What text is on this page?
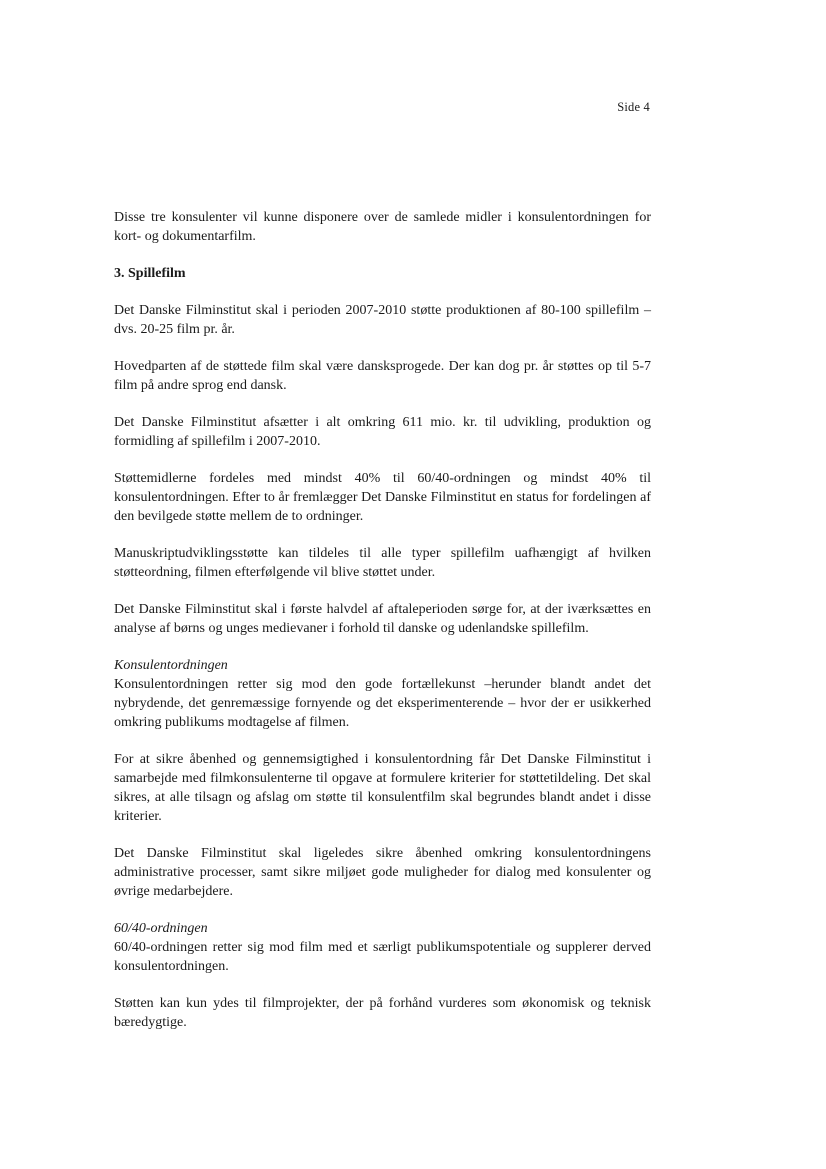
Side 4

Disse tre konsulenter vil kunne disponere over de samlede midler i konsulentordningen for kort- og dokumentarfilm.

3. Spillefilm

Det Danske Filminstitut skal i perioden 2007-2010 støtte produktionen af 80-100 spillefilm – dvs. 20-25 film pr. år.

Hovedparten af de støttede film skal være dansksprogede. Der kan dog pr. år støttes op til 5-7 film på andre sprog end dansk.

Det Danske Filminstitut afsætter i alt omkring 611 mio. kr. til udvikling, produktion og formidling af spillefilm i 2007-2010.

Støttemidlerne fordeles med mindst 40% til 60/40-ordningen og mindst 40% til konsulentordningen. Efter to år fremlægger Det Danske Filminstitut en status for fordelingen af den bevilgede støtte mellem de to ordninger.

Manuskriptudviklingsstøtte kan tildeles til alle typer spillefilm uafhængigt af hvilken støtteordning, filmen efterfølgende vil blive støttet under.

Det Danske Filminstitut skal i første halvdel af aftaleperioden sørge for, at der iværksættes en analyse af børns og unges medievaner i forhold til danske og udenlandske spillefilm.

Konsulentordningen

Konsulentordningen retter sig mod den gode fortællekunst –herunder blandt andet det nybrydende, det genremæssige fornyende og det eksperimenterende – hvor der er usikkerhed omkring publikums modtagelse af filmen.

For at sikre åbenhed og gennemsigtighed i konsulentordning får Det Danske Filminstitut i samarbejde med filmkonsulenterne til opgave at formulere kriterier for støttetildeling. Det skal sikres, at alle tilsagn og afslag om støtte til konsulentfilm skal begrundes blandt andet i disse kriterier.

Det Danske Filminstitut skal ligeledes sikre åbenhed omkring konsulentordningens administrative processer, samt sikre miljøet gode muligheder for dialog med konsulenter og øvrige medarbejdere.

60/40-ordningen

60/40-ordningen retter sig mod film med et særligt publikumspotentiale og supplerer derved konsulentordningen.

Støtten kan kun ydes til filmprojekter, der på forhånd vurderes som økonomisk og teknisk bæredygtige.
